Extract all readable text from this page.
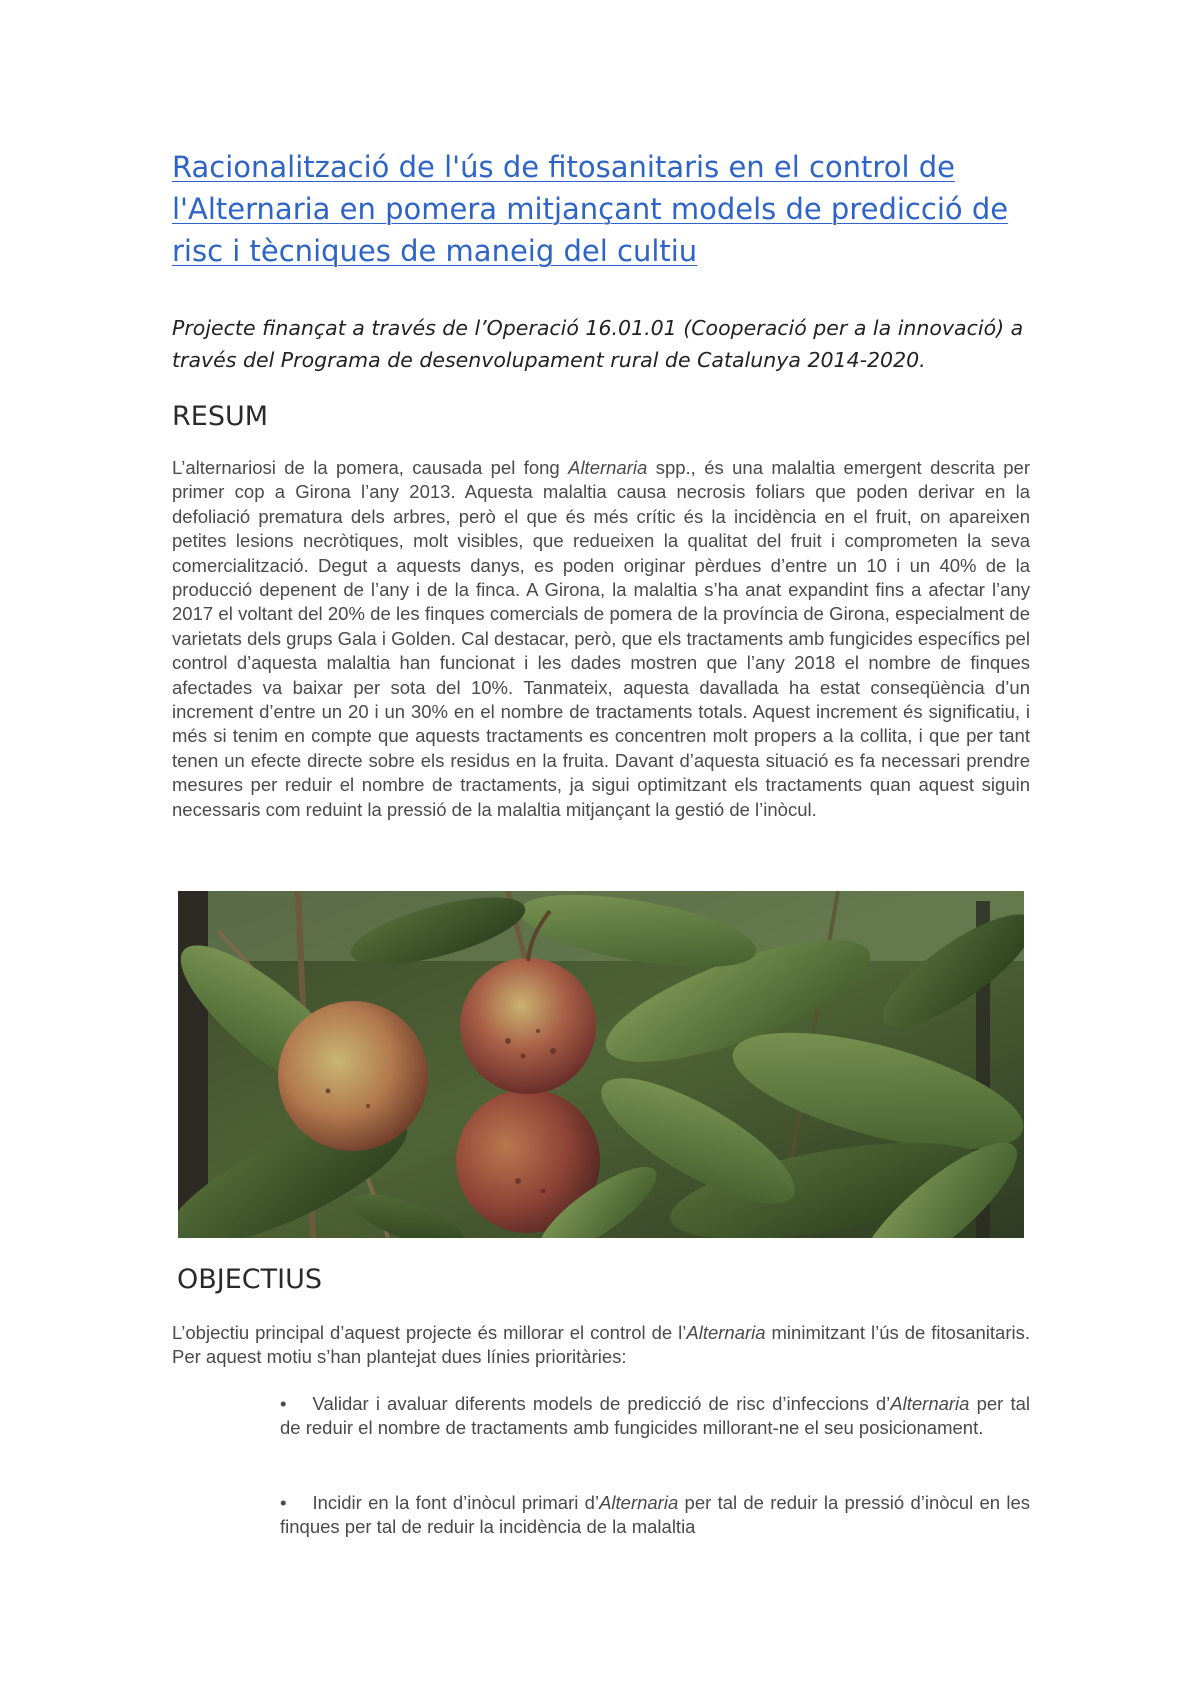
Racionalització de l'ús de fitosanitaris en el control de l'Alternaria en pomera mitjançant models de predicció de risc i tècniques de maneig del cultiu

Projecte finançat a través de l’Operació 16.01.01 (Cooperació per a la innovació) a través del Programa de desenvolupament rural de Catalunya 2014-2020.

RESUM

L’alternariosi de la pomera, causada pel fong Alternaria spp., és una malaltia emergent descrita per primer cop a Girona l’any 2013. Aquesta malaltia causa necrosis foliars que poden derivar en la defoliació prematura dels arbres, però el que és més crític és la incidència en el fruit, on apareixen petites lesions necròtiques, molt visibles, que redueixen la qualitat del fruit i comprometen la seva comercialització. Degut a aquests danys, es poden originar pèrdues d’entre un 10 i un 40% de la producció depenent de l’any i de la finca. A Girona, la malaltia s’ha anat expandint fins a afectar l’any 2017 el voltant del 20% de les finques comercials de pomera de la província de Girona, especialment de varietats dels grups Gala i Golden. Cal destacar, però, que els tractaments amb fungicides específics pel control d’aquesta malaltia han funcionat i les dades mostren que l’any 2018 el nombre de finques afectades va baixar per sota del 10%. Tanmateix, aquesta davallada ha estat conseqüència d’un increment d’entre un 20 i un 30% en el nombre de tractaments totals. Aquest increment és significatiu, i més si tenim en compte que aquests tractaments es concentren molt propers a la collita, i que per tant tenen un efecte directe sobre els residus en la fruita. Davant d’aquesta situació es fa necessari prendre mesures per reduir el nombre de tractaments, ja sigui optimitzant els tractaments quan aquest siguin necessaris com reduint la pressió de la malaltia mitjançant la gestió de l’inòcul.

OBJECTIUS

L’objectiu principal d’aquest projecte és millorar el control de l’Alternaria minimitzant l’ús de fitosanitaris. Per aquest motiu s’han plantejat dues línies prioritàries:

• Validar i avaluar diferents models de predicció de risc d’infeccions d’Alternaria per tal de reduir el nombre de tractaments amb fungicides millorant-ne el seu posicionament.

• Incidir en la font d’inòcul primari d’Alternaria per tal de reduir la pressió d’inòcul en les finques per tal de reduir la incidència de la malaltia
